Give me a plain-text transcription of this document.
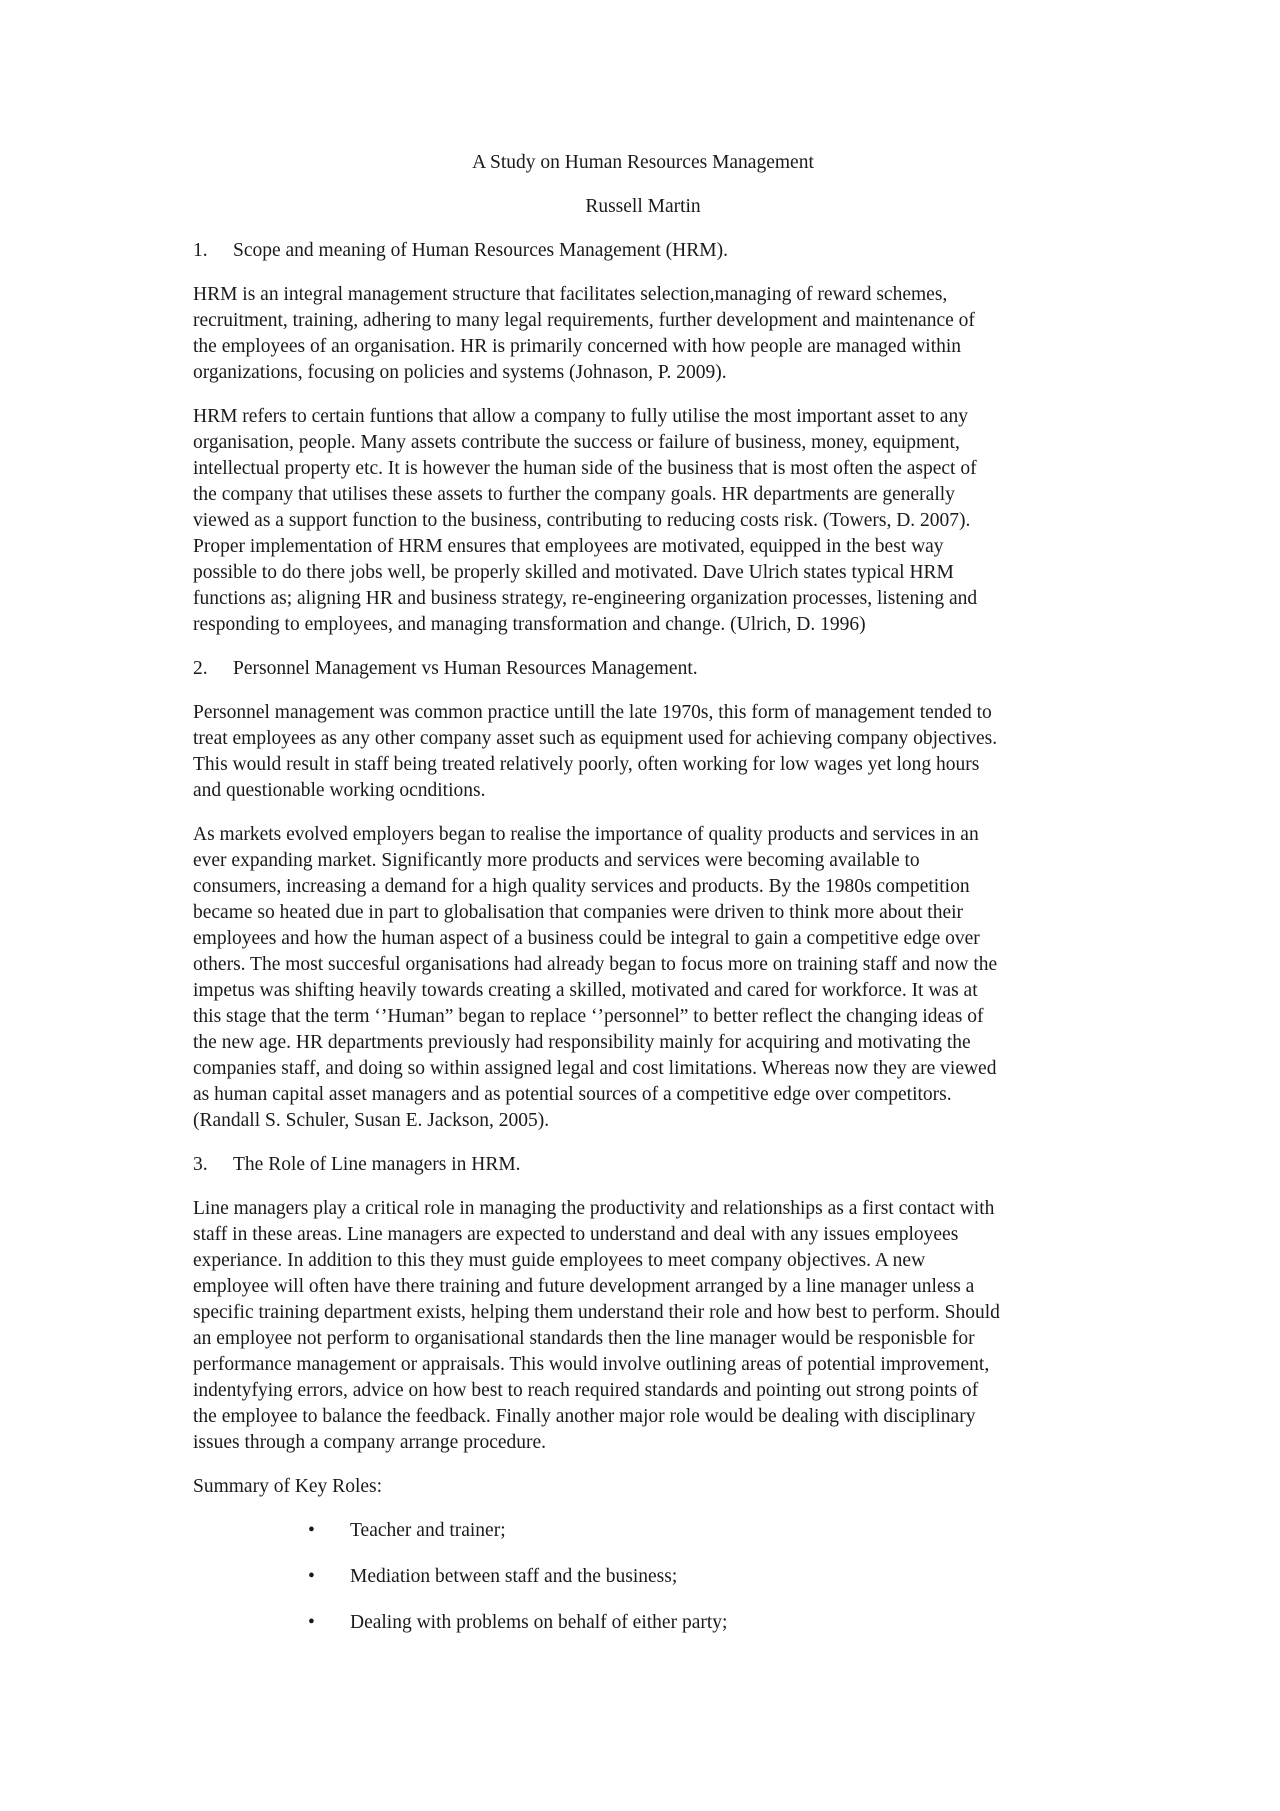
A Study on Human Resources Management

Russell Martin

1. Scope and meaning of Human Resources Management (HRM).

HRM is an integral management structure that facilitates selection,managing of reward schemes,
recruitment, training, adhering to many legal requirements, further development and maintenance of
the employees of an organisation. HR is primarily concerned with how people are managed within
organizations, focusing on policies and systems (Johnason, P. 2009).

HRM refers to certain funtions that allow a company to fully utilise the most important asset to any
organisation, people. Many assets contribute the success or failure of business, money, equipment,
intellectual property etc. It is however the human side of the business that is most often the aspect of
the company that utilises these assets to further the company goals. HR departments are generally
viewed as a support function to the business, contributing to reducing costs risk. (Towers, D. 2007).
Proper implementation of HRM ensures that employees are motivated, equipped in the best way
possible to do there jobs well, be properly skilled and motivated. Dave Ulrich states typical HRM
functions as; aligning HR and business strategy, re-engineering organization processes, listening and
responding to employees, and managing transformation and change. (Ulrich, D. 1996)

2. Personnel Management vs Human Resources Management.

Personnel management was common practice untill the late 1970s, this form of management tended to
treat employees as any other company asset such as equipment used for achieving company objectives.
This would result in staff being treated relatively poorly, often working for low wages yet long hours
and questionable working ocnditions.

As markets evolved employers began to realise the importance of quality products and services in an
ever expanding market. Significantly more products and services were becoming available to
consumers, increasing a demand for a high quality services and products. By the 1980s competition
became so heated due in part to globalisation that companies were driven to think more about their
employees and how the human aspect of a business could be integral to gain a competitive edge over
others. The most succesful organisations had already began to focus more on training staff and now the
impetus was shifting heavily towards creating a skilled, motivated and cared for workforce. It was at
this stage that the term ‘’Human” began to replace ‘’personnel” to better reflect the changing ideas of
the new age. HR departments previously had responsibility mainly for acquiring and motivating the
companies staff, and doing so within assigned legal and cost limitations. Whereas now they are viewed
as human capital asset managers and as potential sources of a competitive edge over competitors.
(Randall S. Schuler, Susan E. Jackson, 2005).

3. The Role of Line managers in HRM.

Line managers play a critical role in managing the productivity and relationships as a first contact with
staff in these areas. Line managers are expected to understand and deal with any issues employees
experiance. In addition to this they must guide employees to meet company objectives. A new
employee will often have there training and future development arranged by a line manager unless a
specific training department exists, helping them understand their role and how best to perform. Should
an employee not perform to organisational standards then the line manager would be responisble for
performance management or appraisals. This would involve outlining areas of potential improvement,
indentyfying errors, advice on how best to reach required standards and pointing out strong points of
the employee to balance the feedback. Finally another major role would be dealing with disciplinary
issues through a company arrange procedure.

Summary of Key Roles:

• Teacher and trainer;
• Mediation between staff and the business;
• Dealing with problems on behalf of either party;
